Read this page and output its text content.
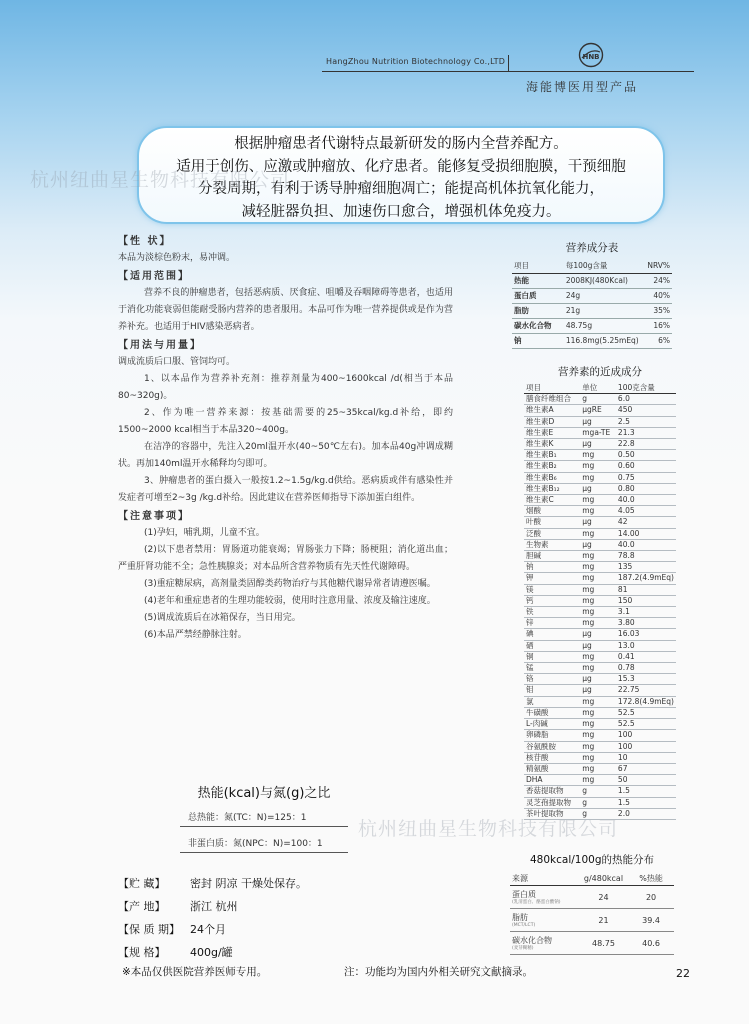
HangZhou Nutrition Biotechnology Co.,LTD	HNB
海能博医用型产品
根据肿瘤患者代谢特点最新研发的肠内全营养配方。
适用于创伤、应激或肿瘤放、化疗患者。能修复受损细胞膜，干预细胞
分裂周期，有利于诱导肿瘤细胞凋亡；能提高机体抗氧化能力，
减轻脏器负担、加速伤口愈合，增强机体免疫力。
杭州纽曲星生物科技有限公司
杭州纽曲星生物科技有限公司
【性 状】
本品为淡棕色粉末，易冲调。
【适用范围】
营养不良的肿瘤患者，包括恶病质、厌食症、咀嚼及吞咽障碍等患者，也适用于消化功能衰弱但能耐受肠内营养的患者服用。本品可作为唯一营养提供或是作为营养补充。也适用于HIV感染恶病者。
【用法与用量】
调成流质后口服、管饲均可。
1、以本品作为营养补充剂：推荐剂量为400~1600kcal /d(相当于本品80~320g)。
2、作为唯一营养来源：按基础需要的25~35kcal/kg.d补给，即约1500~2000 kcal相当于本品320~400g。
在洁净的容器中，先注入20ml温开水(40~50℃左右)。加本品40g冲调成糊状。再加140ml温开水稀释均匀即可。
3、肿瘤患者的蛋白摄入一般按1.2~1.5g/kg.d供给。恶病质或伴有感染性并发症者可增至2~3g /kg.d补给。因此建议在营养医师指导下添加蛋白组件。
【注意事项】
(1)孕妇，哺乳期，儿童不宜。
(2)以下患者禁用：胃肠道功能衰竭；胃肠张力下降；肠梗阻；消化道出血；严重肝肾功能不全；急性胰腺炎；对本品所含营养物质有先天性代谢障碍。
(3)重症糖尿病，高剂量类固醇类药物治疗与其他糖代谢异常者请遵医嘱。
(4)老年和重症患者的生理功能较弱，使用时注意用量、浓度及输注速度。
(5)调成流质后在冰箱保存，当日用完。
(6)本品严禁经静脉注射。
热能(kcal)与氮(g)之比
总热能：氮(TC：N)=125：1
非蛋白质：氮(NPC：N)=100：1
【贮 藏】 密封 阴凉 干燥处保存。
【产 地】 浙江 杭州
【保 质 期】 24个月
【规 格】 400g/罐
※本品仅供医院营养医师专用。	注：功能均为国内外相关研究文献摘录。	22
营养成分表
项目	每100g含量	NRV%
热能	2008KJ(480Kcal)	24%
蛋白质	24g	40%
脂肪	21g	35%
碳水化合物	48.75g	16%
钠	116.8mg(5.25mEq)	6%
营养素的近成成分
项目	单位	100克含量
膳食纤维组合	g	6.0
维生素A	μgRE	450
维生素D	μg	2.5
维生素E	mga-TE	21.3
维生素K	μg	22.8
维生素B₁	mg	0.50
维生素B₂	mg	0.60
维生素B₆	mg	0.75
维生素B₁₂	μg	0.80
维生素C	mg	40.0
烟酸	mg	4.05
叶酸	μg	42
泛酸	mg	14.00
生物素	μg	40.0
胆碱	mg	78.8
钠	mg	135
钾	mg	187.2(4.9mEq)
镁	mg	81
钙	mg	150
铁	mg	3.1
锌	mg	3.80
碘	μg	16.03
硒	μg	13.0
铜	mg	0.41
锰	mg	0.78
铬	μg	15.3
钼	μg	22.75
氯	mg	172.8(4.9mEq)
牛磺酸	mg	52.5
L-肉碱	mg	52.5
卵磷脂	mg	100
谷氨酰胺	mg	100
核苷酸	mg	10
精氨酸	mg	67
DHA	mg	50
香菇提取物	g	1.5
灵芝孢提取物	g	1.5
茶叶提取物	g	2.0
480kcal/100g的热能分布
来源	g/480kcal	%热能
蛋白质
(乳清蛋白、酪蛋白酸钠)	24	20
脂肪
(MCT/LCT)	21	39.4
碳水化合物
(麦芽糊精)	48.75	40.6
